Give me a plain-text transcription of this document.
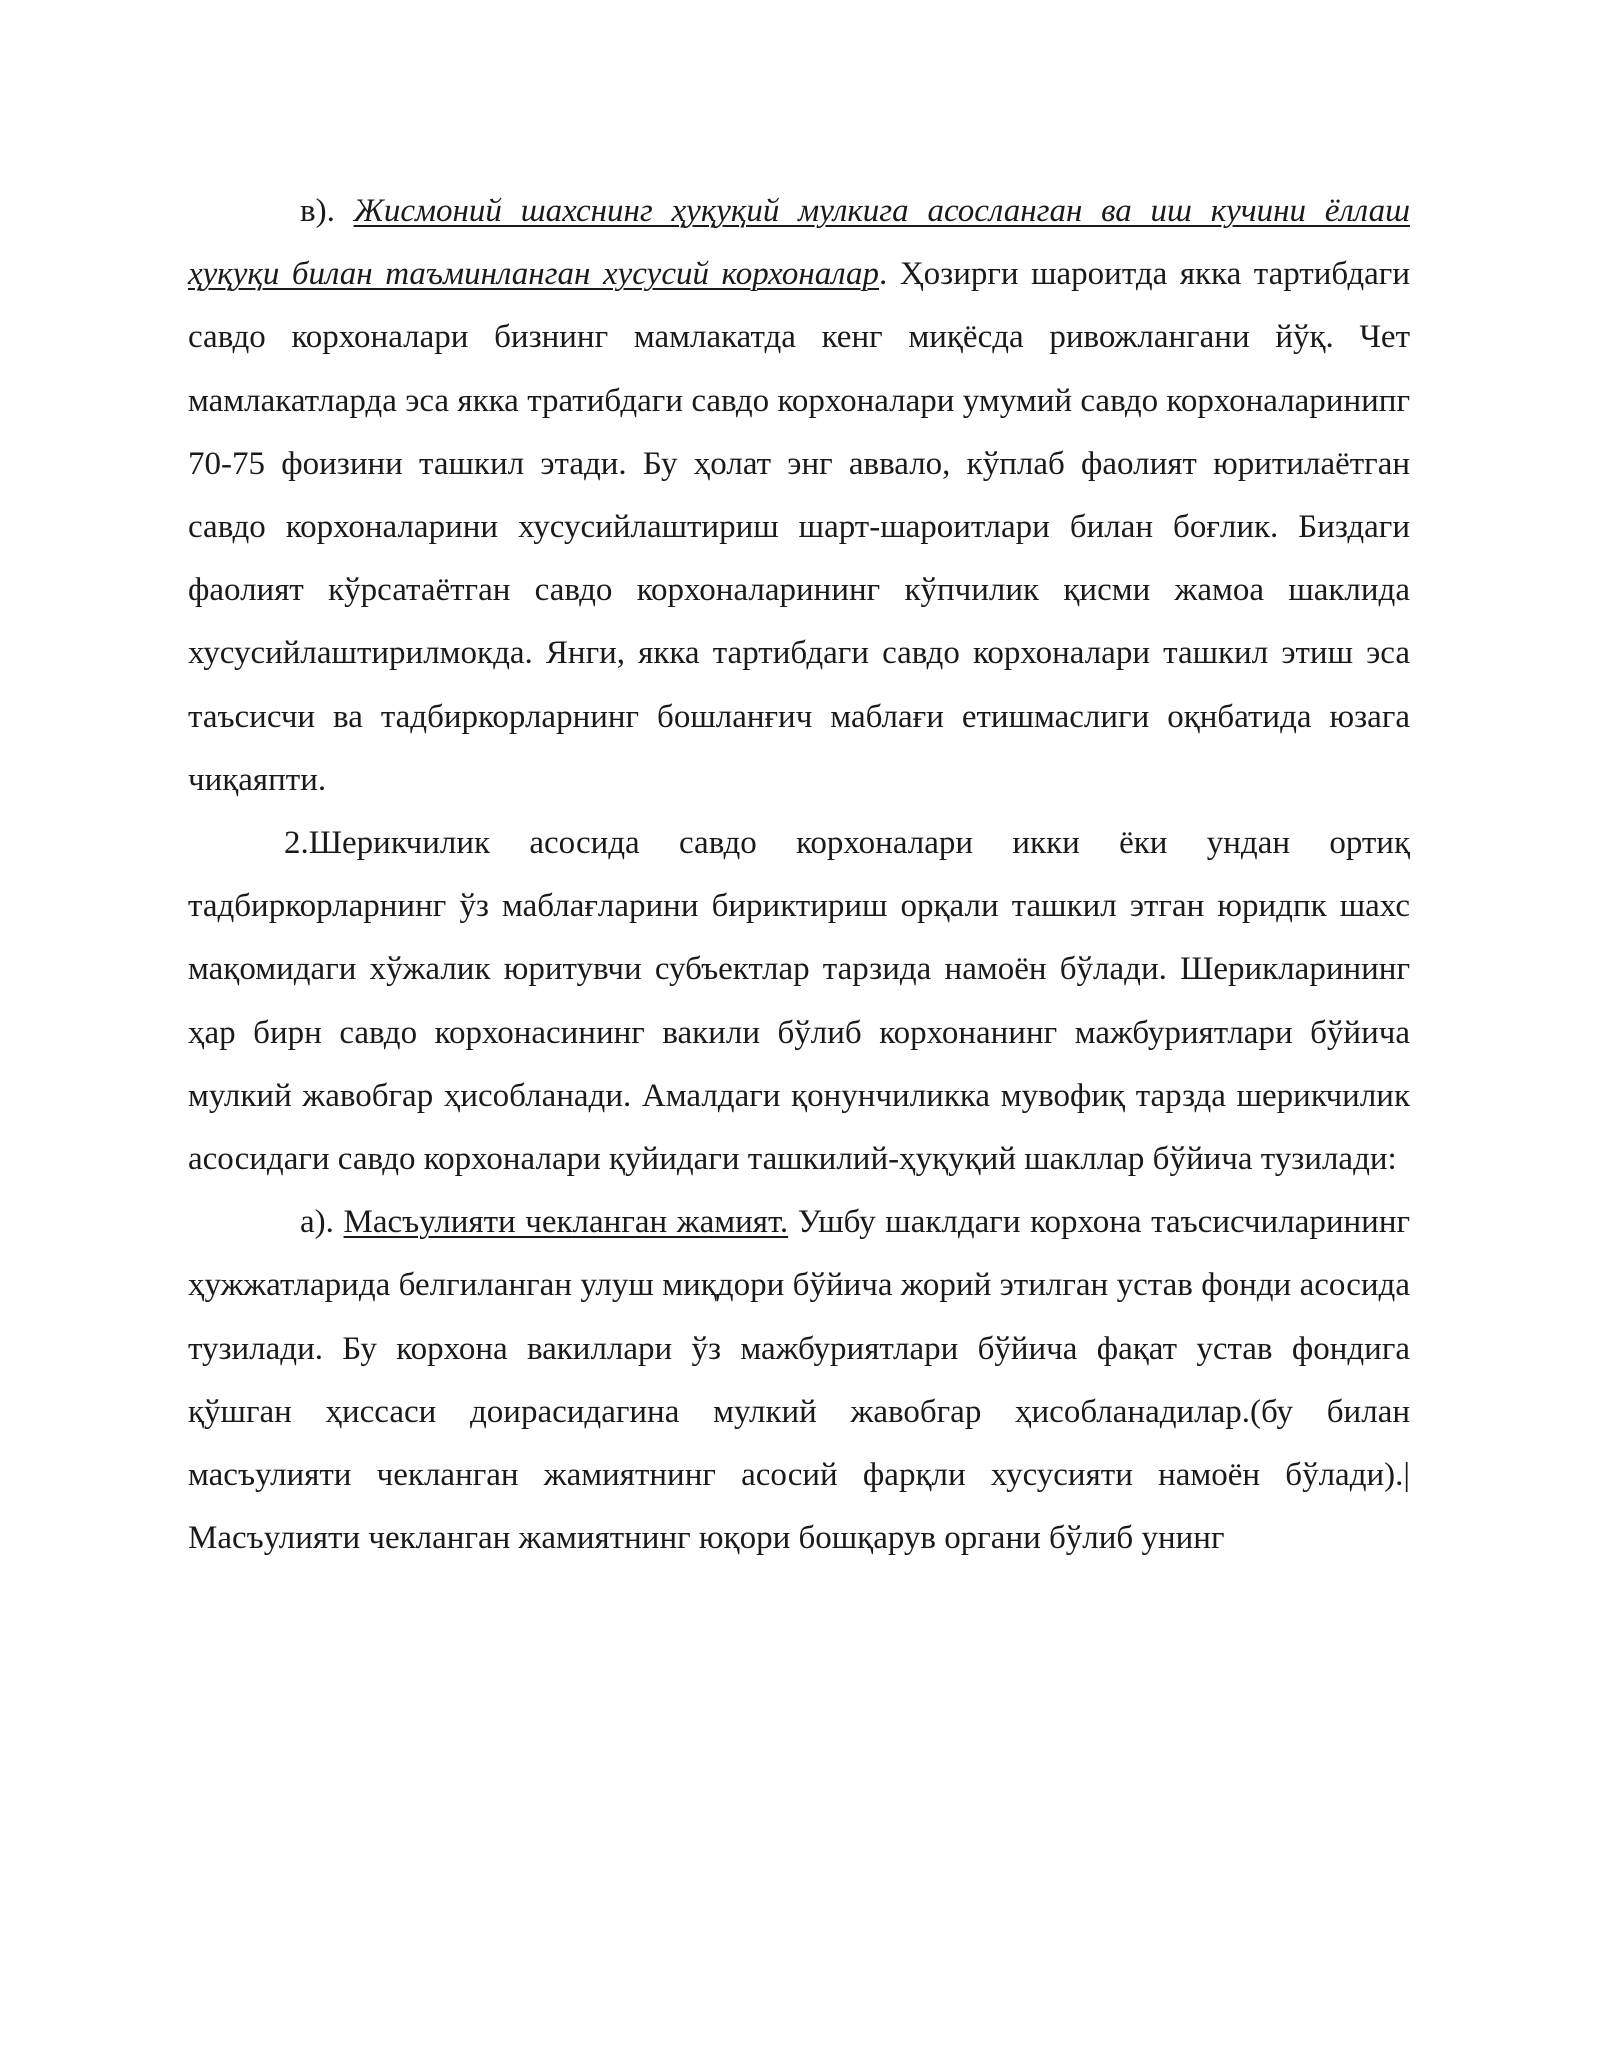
в). Жисмоний шахснинг ҳуқуқий мулкига асосланган ва иш кучини ёллаш ҳуқуқи билан таъминланган хусусий корхоналар. Ҳозирги шароитда якка тартибдаги савдо корхоналари бизнинг мамлакатда кенг миқёсда ривожлангани йўқ. Чет мамлакатларда эса якка тратибдаги савдо корхоналари умумий савдо корхоналаринипг 70-75 фоизини ташкил этади. Бу ҳолат энг аввало, кўплаб фаолият юритилаётган савдо корхоналарини хусусийлаштириш шарт-шароитлари билан боғлик. Биздаги фаолият кўрсатаётган савдо корхоналарининг кўпчилик қисми жамоа шаклида хусусийлаштирилмокда. Янги, якка тартибдаги савдо корхоналари ташкил этиш эса таъсисчи ва тадбиркорларнинг бошланғич маблағи етишмаслиги оқнбатида юзага чиқаяпти.

2.Шерикчилик асосида савдо корхоналари икки ёки ундан ортиқ тадбиркорларнинг ўз маблағларини бириктириш орқали ташкил этган юридпк шахс мақомидаги хўжалик юритувчи субъектлар тарзида намоён бўлади. Шерикларининг ҳар бирн савдо корхонасининг вакили бўлиб корхонанинг мажбуриятлари бўйича мулкий жавобгар ҳисобланади. Амалдаги қонунчиликка мувофиқ тарзда шерикчилик асосидаги савдо корхоналари қуйидаги ташкилий-ҳуқуқий шакллар бўйича тузилади:

а). Масъулияти чекланган жамият. Ушбу шаклдаги корхона таъсисчиларининг ҳужжатларида белгиланган улуш миқдори бўйича жорий этилган устав фонди асосида тузилади. Бу корхона вакиллари ўз мажбуриятлари бўйича фақат устав фондига қўшган ҳиссаси доирасидагина мулкий жавобгар ҳисобланадилар.(бу билан масъулияти чекланган жамиятнинг асосий фарқли хусусияти намоён бўлади).| Масъулияти чекланган жамиятнинг юқори бошқарув органи бўлиб унинг
